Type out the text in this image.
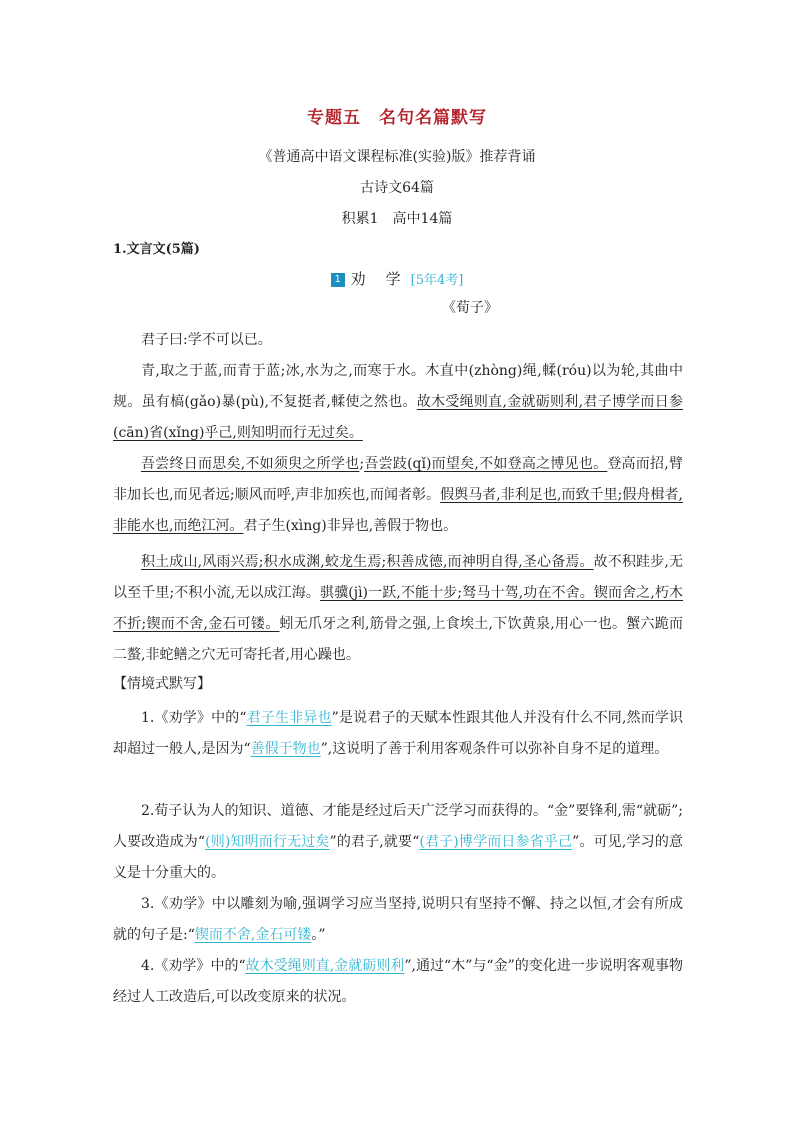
专题五　名句名篇默写
《普通高中语文课程标准(实验)版》推荐背诵
古诗文64篇
积累1　高中14篇
1.文言文(5篇)
1 劝学[5年4考]
《荀子》
君子曰:学不可以已。
青,取之于蓝,而青于蓝;冰,水为之,而寒于水。木直中(zhòng)绳,輮(róu)以为轮,其曲中规。虽有槁(gǎo)暴(pù),不复挺者,輮使之然也。故木受绳则直,金就砺则利,君子博学而日参(cān)省(xǐng)乎己,则知明而行无过矣。
吾尝终日而思矣,不如须臾之所学也;吾尝跂(qǐ)而望矣,不如登高之博见也。登高而招,臂非加长也,而见者远;顺风而呼,声非加疾也,而闻者彰。假舆马者,非利足也,而致千里;假舟楫者,非能水也,而绝江河。君子生(xìng)非异也,善假于物也。
积土成山,风雨兴焉;积水成渊,蛟龙生焉;积善成德,而神明自得,圣心备焉。故不积跬步,无以至千里;不积小流,无以成江海。骐骥(jì)一跃,不能十步;驽马十驾,功在不舍。锲而舍之,朽木不折;锲而不舍,金石可镂。蚓无爪牙之利,筋骨之强,上食埃土,下饮黄泉,用心一也。蟹六跪而二螯,非蛇鳝之穴无可寄托者,用心躁也。
【情境式默写】
1.《劝学》中的“君子生非异也”是说君子的天赋本性跟其他人并没有什么不同,然而学识却超过一般人,是因为“善假于物也”,这说明了善于利用客观条件可以弥补自身不足的道理。
2.荀子认为人的知识、道德、才能是经过后天广泛学习而获得的。“金”要锋利,需“就砺”;人要改造成为“(则)知明而行无过矣”的君子,就要“(君子)博学而日参省乎己”。可见,学习的意义是十分重大的。
3.《劝学》中以雕刻为喻,强调学习应当坚持,说明只有坚持不懈、持之以恒,才会有所成就的句子是:“锲而不舍,金石可镂。”
4.《劝学》中的“故木受绳则直,金就砺则利”,通过“木”与“金”的变化进一步说明客观事物经过人工改造后,可以改变原来的状况。
